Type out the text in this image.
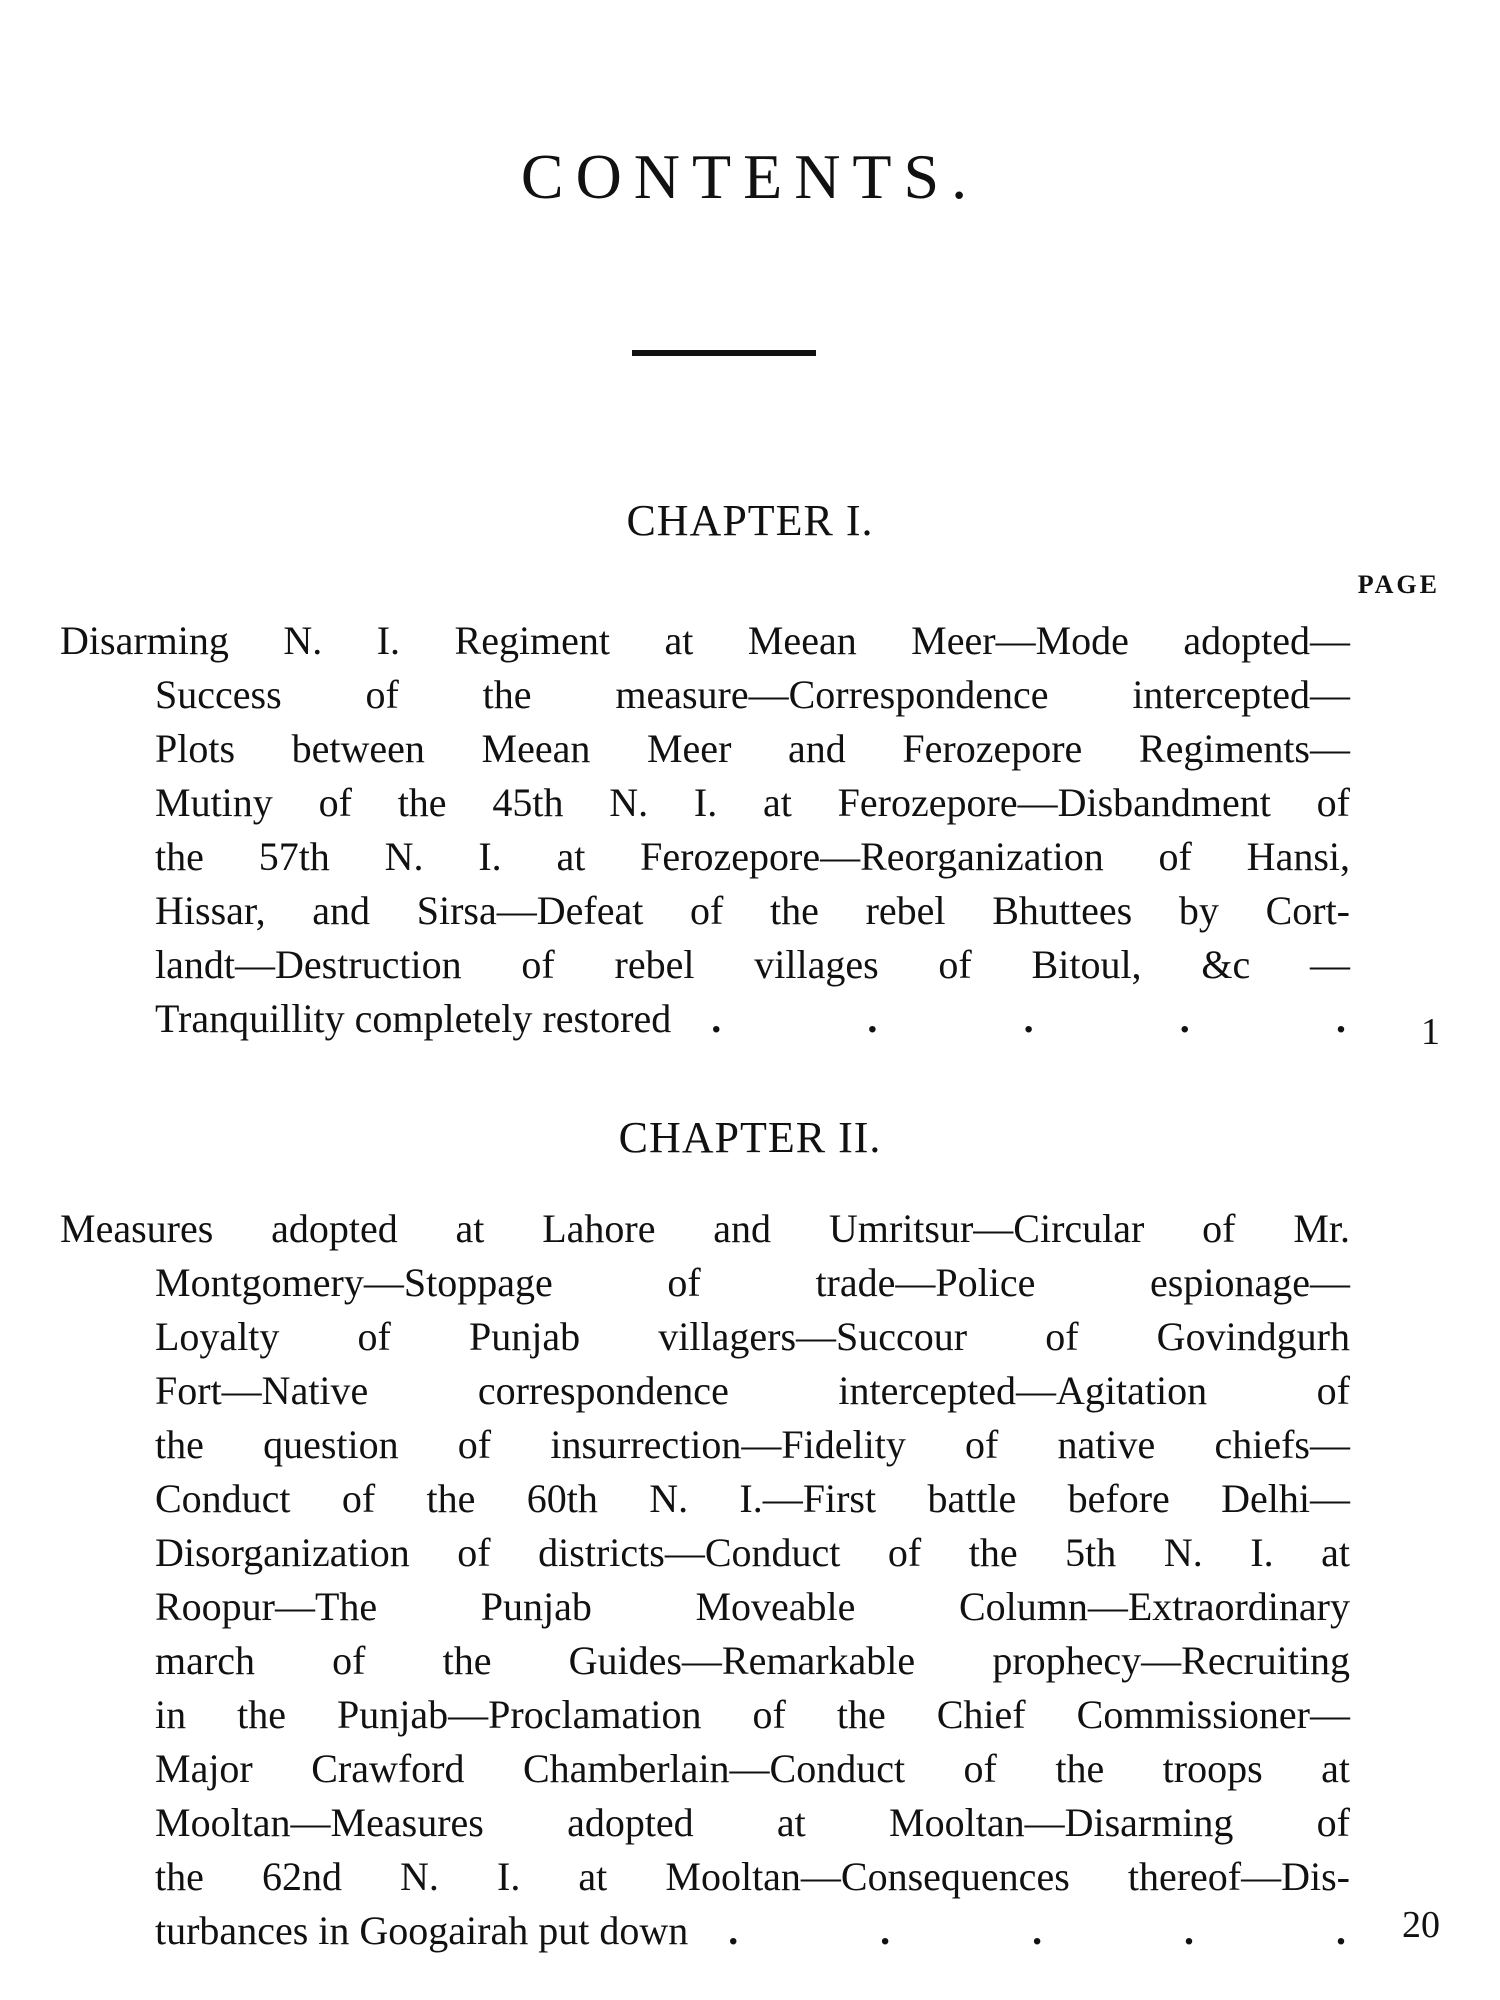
CONTENTS.
CHAPTER I.
PAGE
Disarming N. I. Regiment at Meean Meer—Mode adopted—
Success of the measure—Correspondence intercepted—
Plots between Meean Meer and Ferozepore Regiments—
Mutiny of the 45th N. I. at Ferozepore—Disbandment of
the 57th N. I. at Ferozepore—Reorganization of Hansi,
Hissar, and Sirsa—Defeat of the rebel Bhuttees by Cort-
landt—Destruction of rebel villages of Bitoul, &c —
Tranquillity completely restored .	.	.	.	. 1
CHAPTER II.
Measures adopted at Lahore and Umritsur—Circular of Mr.
Montgomery—Stoppage of trade—Police espionage—
Loyalty of Punjab villagers—Succour of Govindgurh
Fort—Native correspondence intercepted—Agitation of
the question of insurrection—Fidelity of native chiefs—
Conduct of the 60th N. I.—First battle before Delhi—
Disorganization of districts—Conduct of the 5th N. I. at
Roopur—The Punjab Moveable Column—Extraordinary
march of the Guides—Remarkable prophecy—Recruiting
in the Punjab—Proclamation of the Chief Commissioner—
Major Crawford Chamberlain—Conduct of the troops at
Mooltan—Measures adopted at Mooltan—Disarming of
the 62nd N. I. at Mooltan—Consequences thereof—Dis-
turbances in Googairah put down .	.	.	.	. 20
